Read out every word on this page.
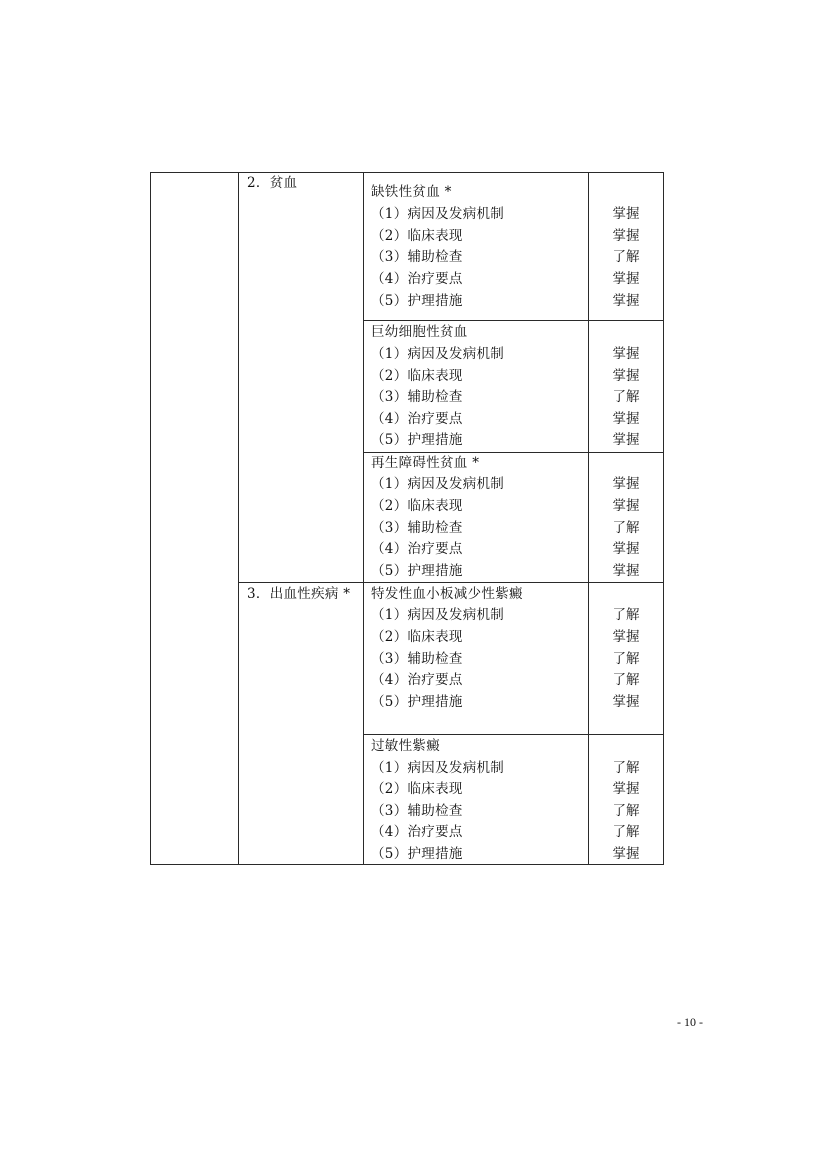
2．贫血
3．出血性疾病 *
缺铁性贫血 *
（1）病因及发病机制
（2）临床表现
（3）辅助检查
（4）治疗要点
（5）护理措施
掌握
掌握
了解
掌握
掌握
巨幼细胞性贫血
（1）病因及发病机制
（2）临床表现
（3）辅助检查
（4）治疗要点
（5）护理措施
掌握
掌握
了解
掌握
掌握
再生障碍性贫血 *
（1）病因及发病机制
（2）临床表现
（3）辅助检查
（4）治疗要点
（5）护理措施
掌握
掌握
了解
掌握
掌握
特发性血小板减少性紫癜
（1）病因及发病机制
（2）临床表现
（3）辅助检查
（4）治疗要点
（5）护理措施
了解
掌握
了解
了解
掌握
过敏性紫癜
（1）病因及发病机制
（2）临床表现
（3）辅助检查
（4）治疗要点
（5）护理措施
了解
掌握
了解
了解
掌握
- 10 -
